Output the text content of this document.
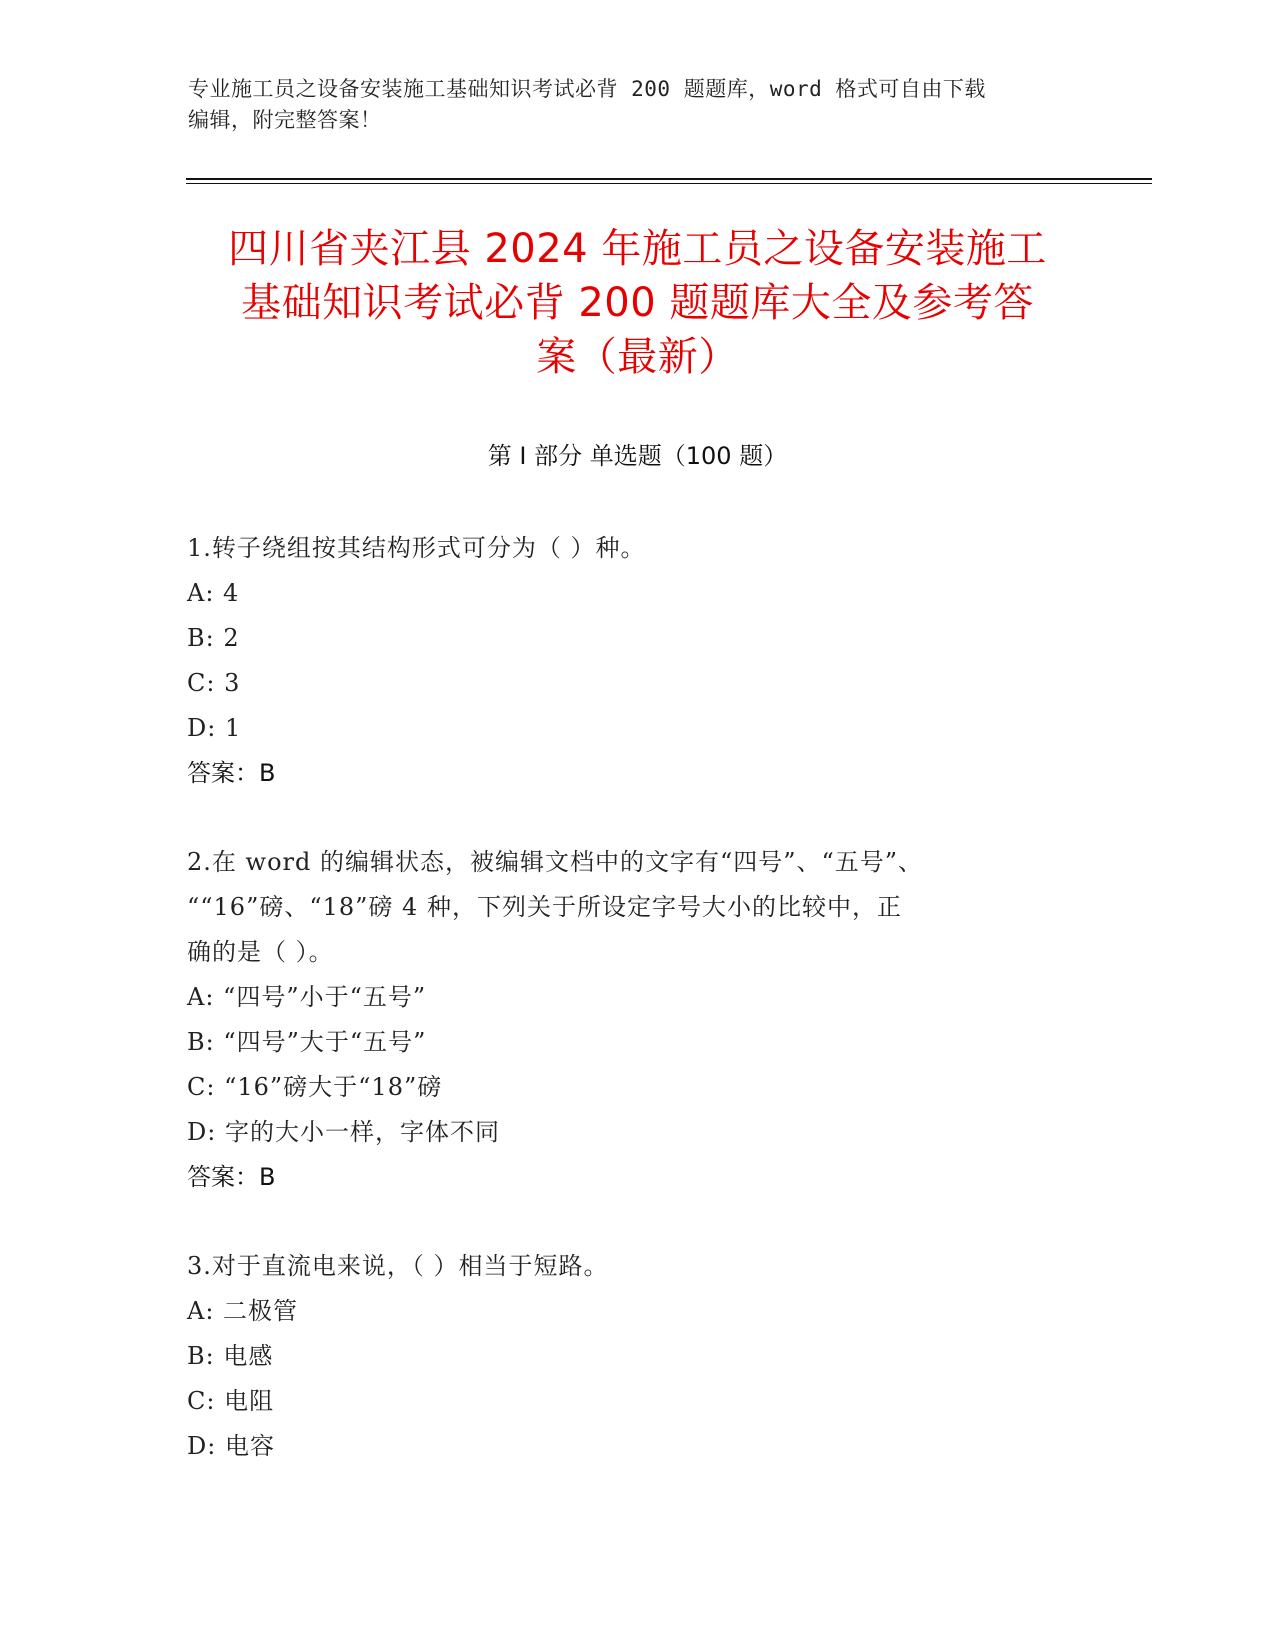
专业施工员之设备安装施工基础知识考试必背 200 题题库，word 格式可自由下载
编辑，附完整答案！
四川省夹江县 2024 年施工员之设备安装施工
基础知识考试必背 200 题题库大全及参考答
案（最新）
第 I 部分 单选题（100 题）
1.转子绕组按其结构形式可分为（ ）种。
A: 4
B: 2
C: 3
D: 1
答案：B
2.在 word 的编辑状态，被编辑文档中的文字有“四号”、“五号”、
““16”磅、“18”磅 4 种，下列关于所设定字号大小的比较中，正
确的是（ ）。
A: “四号”小于“五号”
B: “四号”大于“五号”
C: “16”磅大于“18”磅
D: 字的大小一样，字体不同
答案：B
3.对于直流电来说，（ ）相当于短路。
A: 二极管
B: 电感
C: 电阻
D: 电容
